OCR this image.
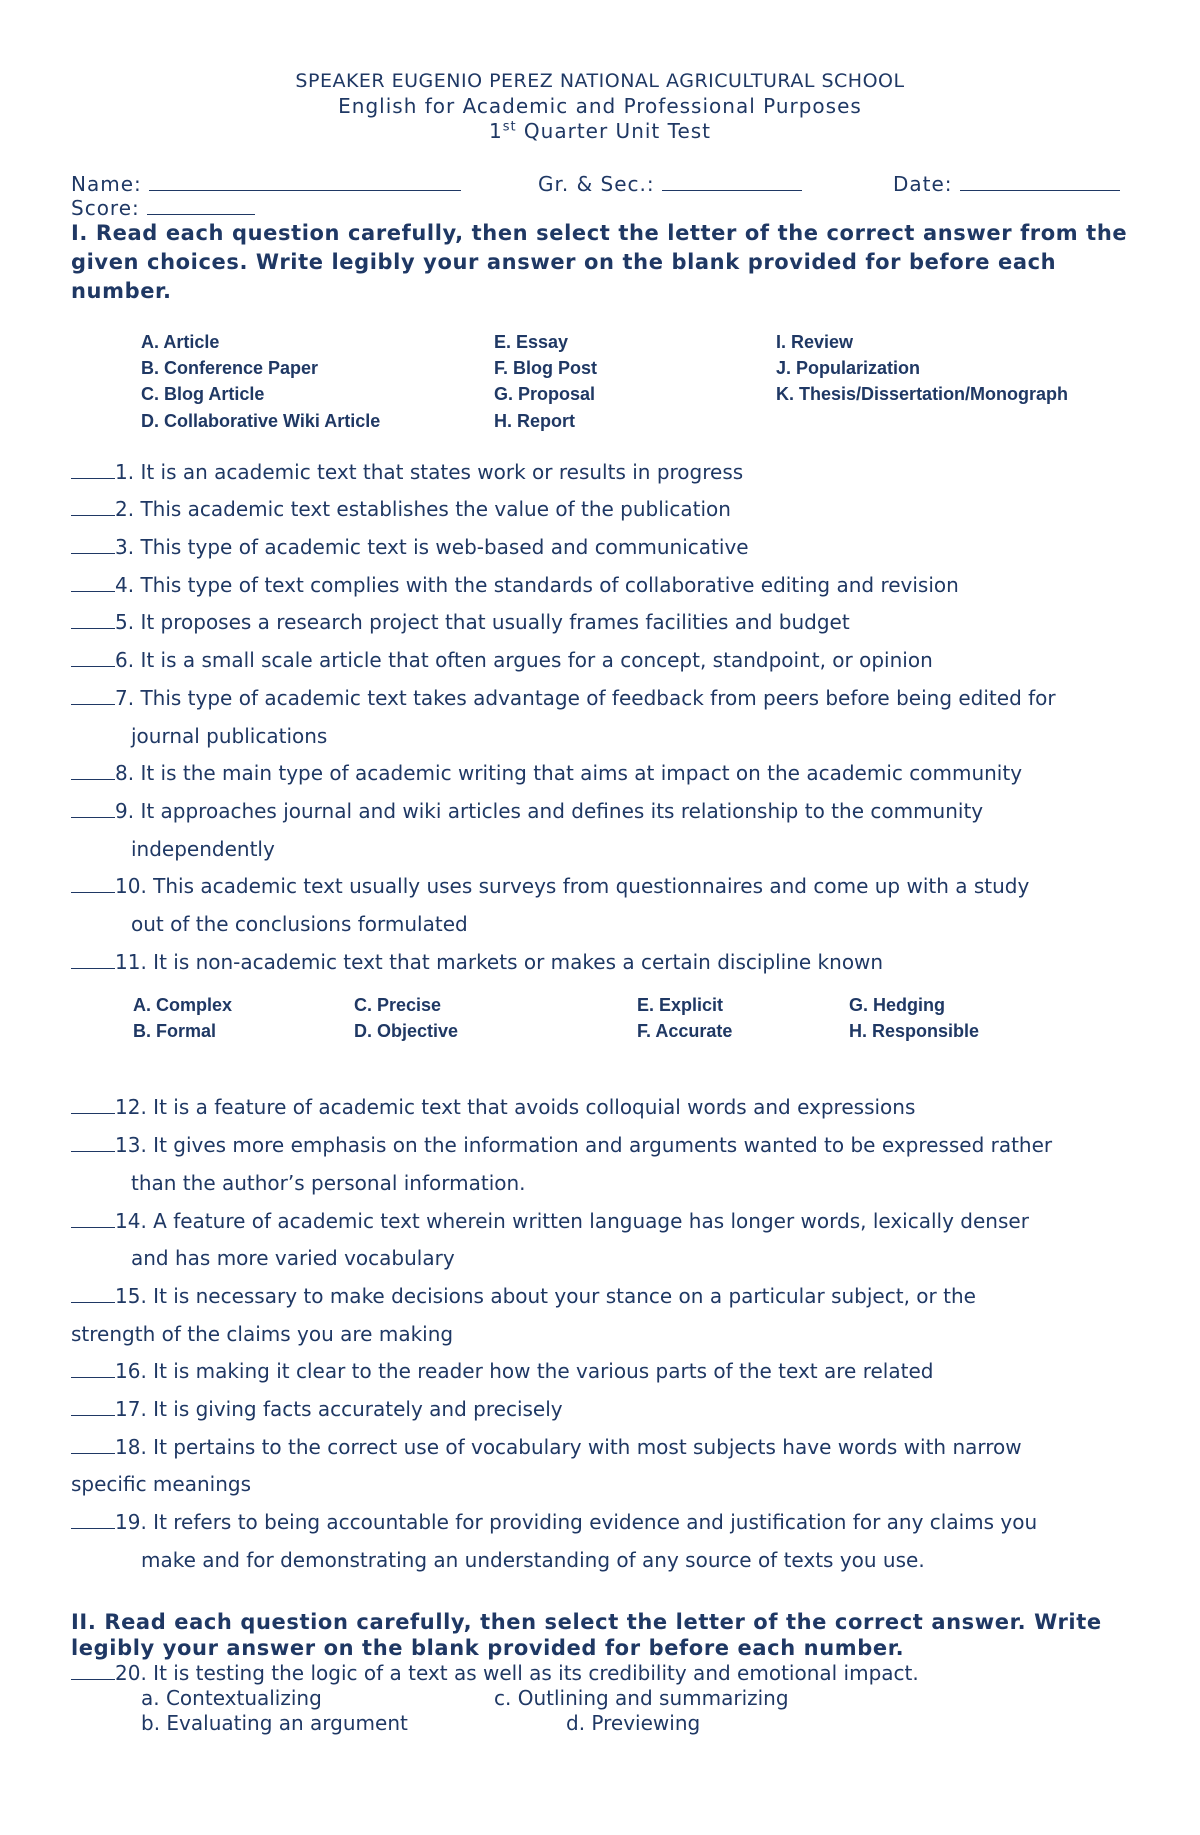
SPEAKER EUGENIO PEREZ NATIONAL AGRICULTURAL SCHOOL
English for Academic and Professional Purposes
1st Quarter Unit Test
Name:	Gr. & Sec.:	Date:
Score:
I. Read each question carefully, then select the letter of the correct answer from the given choices. Write legibly your answer on the blank provided for before each number.
A. Article
B. Conference Paper
C. Blog Article
D. Collaborative Wiki Article
E. Essay
F. Blog Post
G. Proposal
H. Report
I. Review
J. Popularization
K. Thesis/Dissertation/Monograph
1. It is an academic text that states work or results in progress
2. This academic text establishes the value of the publication
3. This type of academic text is web-based and communicative
4. This type of text complies with the standards of collaborative editing and revision
5. It proposes a research project that usually frames facilities and budget
6. It is a small scale article that often argues for a concept, standpoint, or opinion
7. This type of academic text takes advantage of feedback from peers before being edited for
journal publications
8. It is the main type of academic writing that aims at impact on the academic community
9. It approaches journal and wiki articles and defines its relationship to the community
independently
10. This academic text usually uses surveys from questionnaires and come up with a study
out of the conclusions formulated
11. It is non-academic text that markets or makes a certain discipline known
A. Complex
B. Formal
C. Precise
D. Objective
E. Explicit
F. Accurate
G. Hedging
H. Responsible
12. It is a feature of academic text that avoids colloquial words and expressions
13. It gives more emphasis on the information and arguments wanted to be expressed rather
than the author’s personal information.
14. A feature of academic text wherein written language has longer words, lexically denser
and has more varied vocabulary
15. It is necessary to make decisions about your stance on a particular subject, or the
strength of the claims you are making
16. It is making it clear to the reader how the various parts of the text are related
17. It is giving facts accurately and precisely
18. It pertains to the correct use of vocabulary with most subjects have words with narrow
specific meanings
19. It refers to being accountable for providing evidence and justification for any claims you
make and for demonstrating an understanding of any source of texts you use.
II. Read each question carefully, then select the letter of the correct answer. Write legibly your answer on the blank provided for before each number.
20. It is testing the logic of a text as well as its credibility and emotional impact.
a. Contextualizing	c. Outlining and summarizing
b. Evaluating an argument	d. Previewing
